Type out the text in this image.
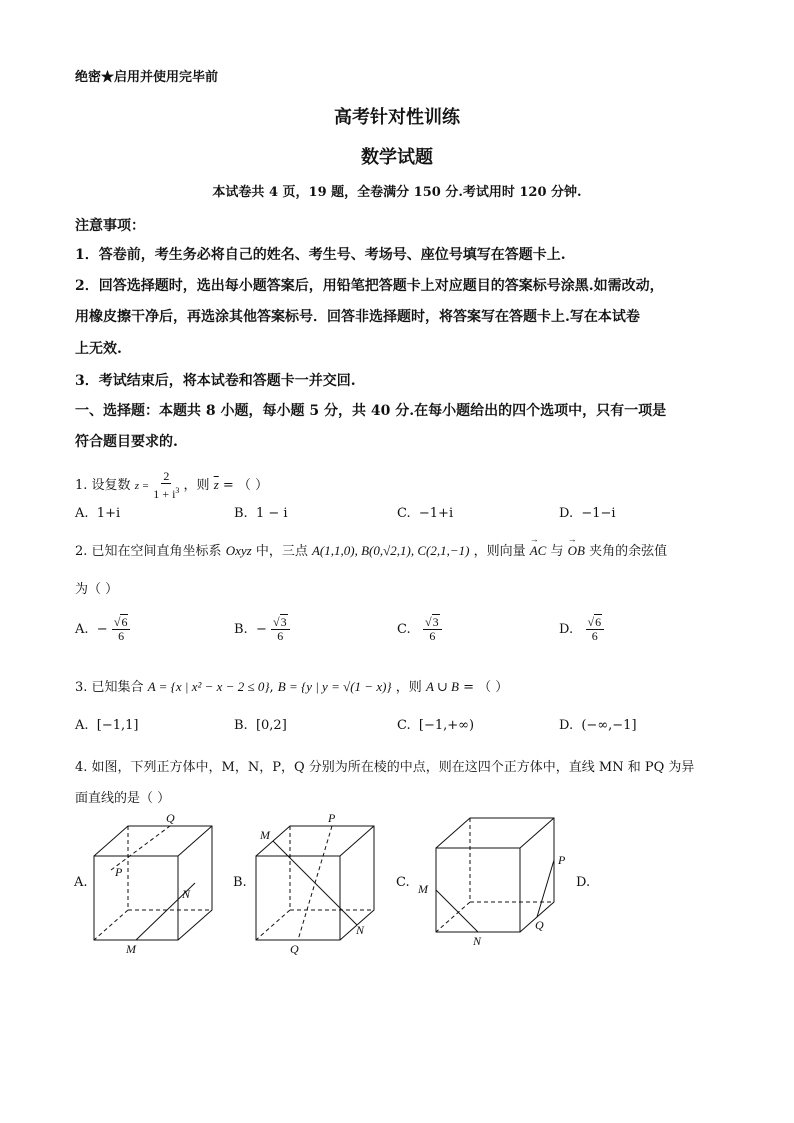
绝密★启用并使用完毕前
高考针对性训练
数学试题
本试卷共 4 页，19 题，全卷满分 150 分.考试用时 120 分钟.
注意事项：
1．答卷前，考生务必将自己的姓名、考生号、考场号、座位号填写在答题卡上.
2．回答选择题时，选出每小题答案后，用铅笔把答题卡上对应题目的答案标号涂黑.如需改动，
用橡皮擦干净后，再选涂其他答案标号．回答非选择题时，将答案写在答题卡上.写在本试卷
上无效.
3．考试结束后，将本试卷和答题卡一并交回.
一、选择题：本题共 8 小题，每小题 5 分，共 40 分.在每小题给出的四个选项中，只有一项是
符合题目要求的.
1. 设复数 $z = \frac{2}{1 + i^3}$ ，则 $\overline{z}$ = （ ）
A. 1+i	B. 1 − i	C. −1+i	D. −1−i
2. 已知在空间直角坐标系 Oxyz 中，三点 A(1,1,0), B(0,√2,1), C(2,1,−1) ，则向量
→
AC 与
→
OB 夹角的余弦值
为（ ）
A. − $\frac{√6}{6}$	B. − $\frac{√3}{6}$	C. $\frac{√3}{6}$	D. $\frac{√6}{6}$
3. 已知集合 A = {x | x² − x − 2 ≤ 0}, B = {y | y = √(1 − x)} ，则 A ∪ B = （ ）
A. [−1,1]	B. [0,2]	C. [−1,+∞)	D. (−∞,−1]
4. 如图，下列正方体中，M，N，P，Q 分别为所在棱的中点，则在这四个正方体中，直线 MN 和 PQ 为异
面直线的是（ ）
A.
Q
P
N
M
B.
M
P
N
Q
C. M
N
P
Q
D.
